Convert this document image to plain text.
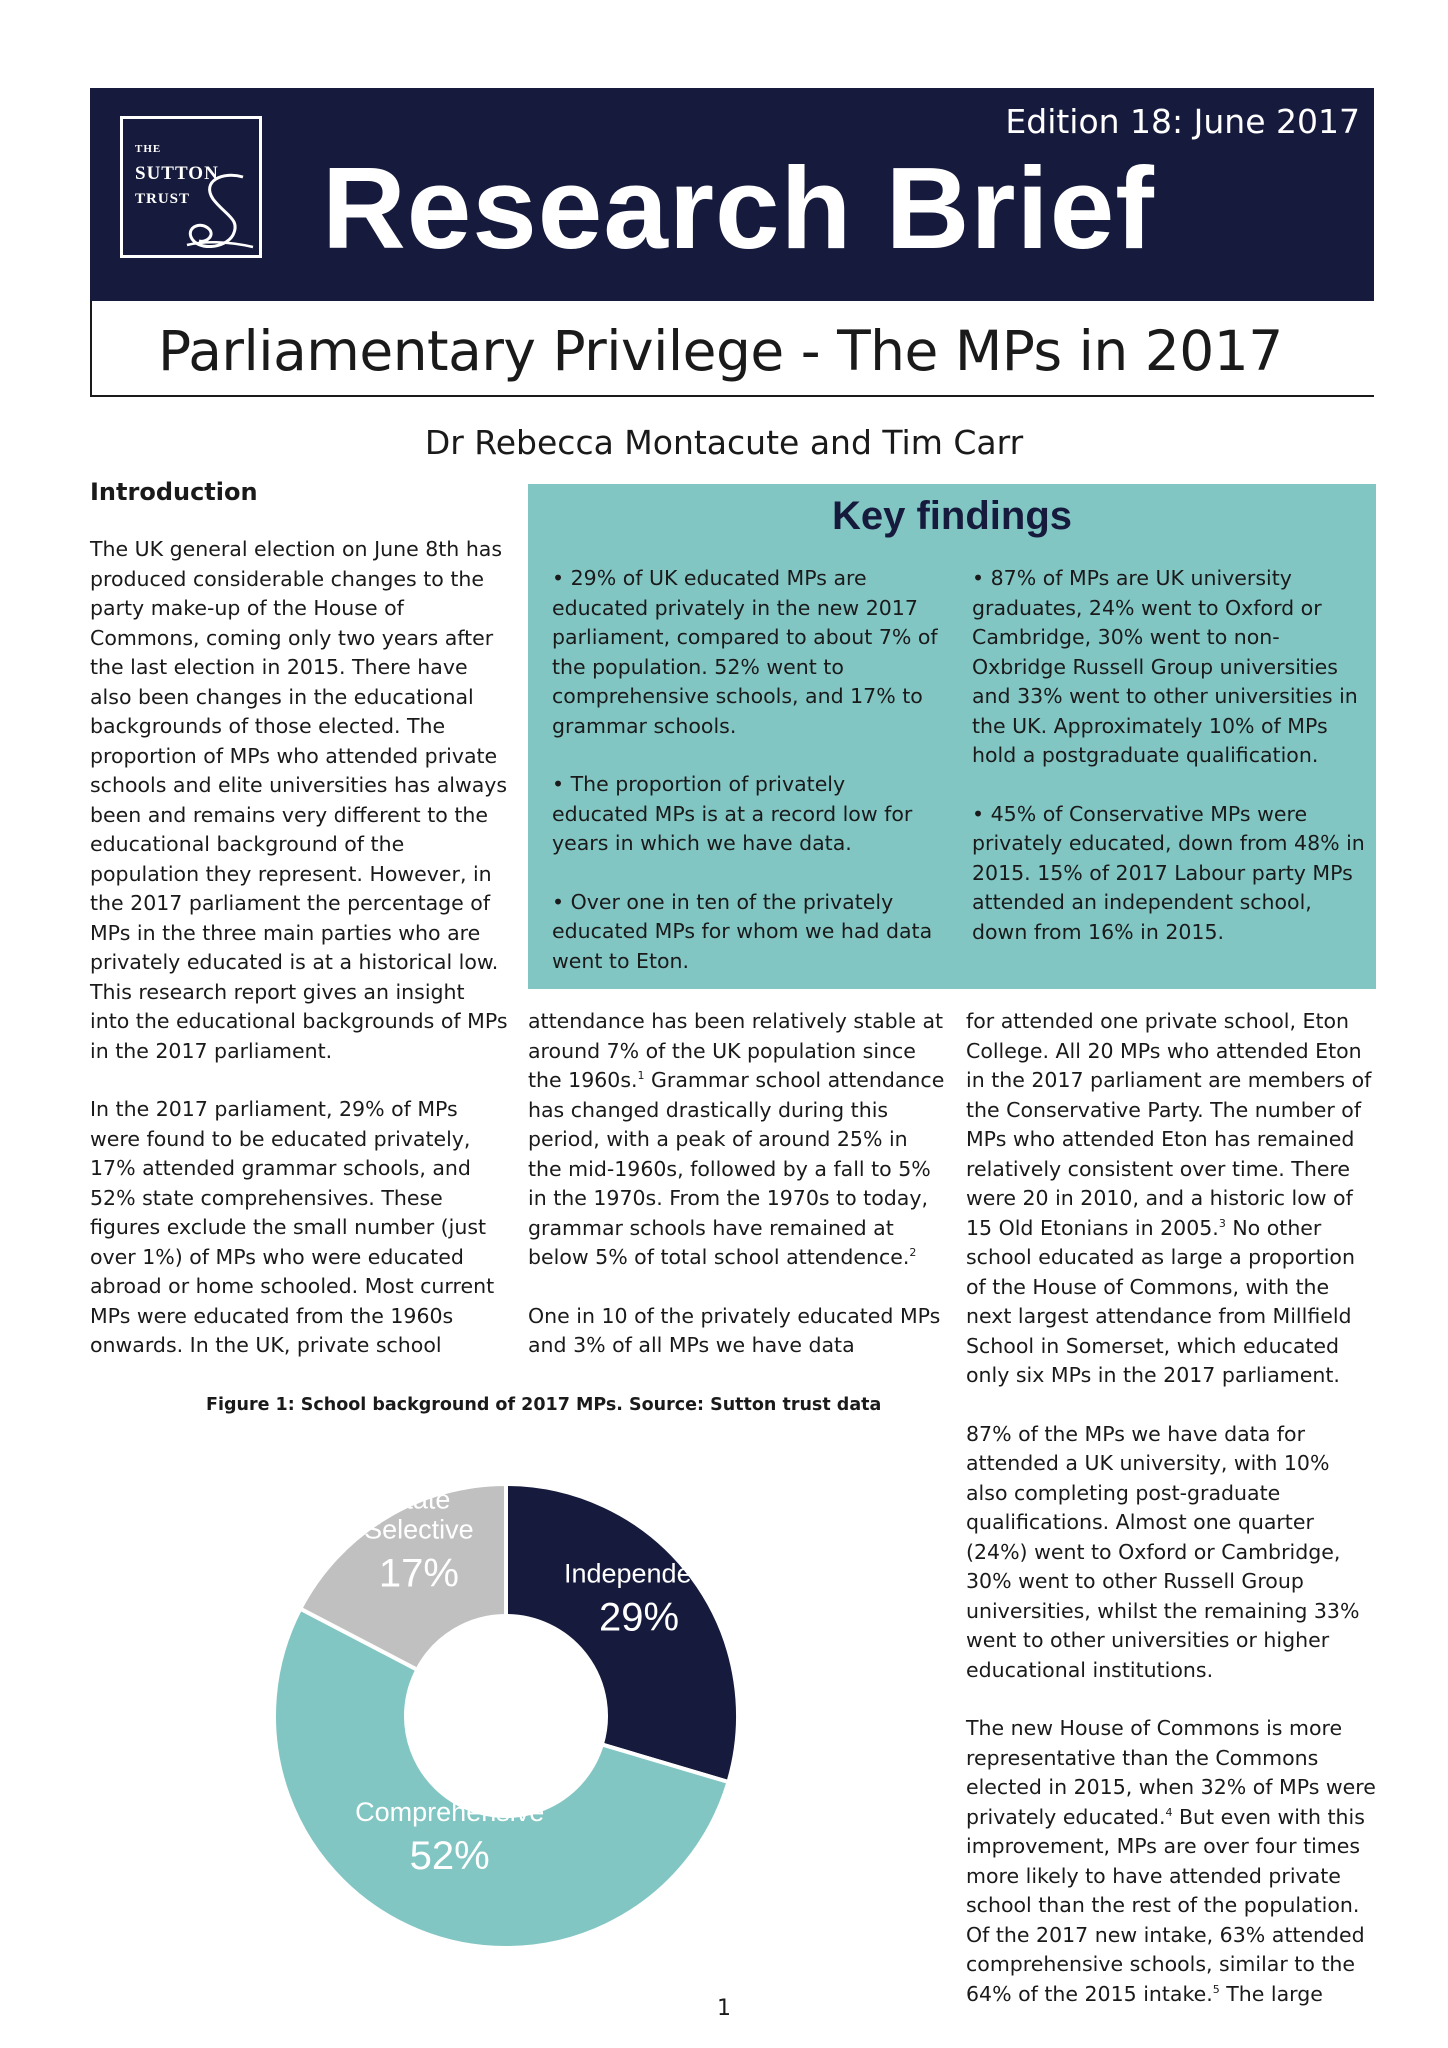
THE
SUTTON
TRUST
Edition 18: June 2017
Research Brief
Parliamentary Privilege - The MPs in 2017
Dr Rebecca Montacute and Tim Carr
Introduction

The UK general election on June 8th has produced considerable changes to the party make-up of the House of Commons, coming only two years after the last election in 2015. There have also been changes in the educational backgrounds of those elected. The proportion of MPs who attended private schools and elite universities has always been and remains very different to the educational background of the population they represent. However, in the 2017 parliament the percentage of MPs in the three main parties who are privately educated is at a historical low. This research report gives an insight into the educational backgrounds of MPs in the 2017 parliament.

In the 2017 parliament, 29% of MPs were found to be educated privately, 17% attended grammar schools, and 52% state comprehensives. These figures exclude the small number (just over 1%) of MPs who were educated abroad or home schooled. Most current MPs were educated from the 1960s onwards. In the UK, private school

Key findings

• 29% of UK educated MPs are educated privately in the new 2017 parliament, compared to about 7% of the population. 52% went to comprehensive schools, and 17% to grammar schools.

• The proportion of privately educated MPs is at a record low for years in which we have data.

• Over one in ten of the privately educated MPs for whom we had data went to Eton.

• 87% of MPs are UK university graduates, 24% went to Oxford or Cambridge, 30% went to non-Oxbridge Russell Group universities and 33% went to other universities in the UK. Approximately 10% of MPs hold a postgraduate qualification.

• 45% of Conservative MPs were privately educated, down from 48% in 2015. 15% of 2017 Labour party MPs attended an independent school, down from 16% in 2015.

attendance has been relatively stable at around 7% of the UK population since the 1960s.$^1$ Grammar school attendance has changed drastically during this period, with a peak of around 25% in the mid-1960s, followed by a fall to 5% in the 1970s. From the 1970s to today, grammar schools have remained at below 5% of total school attendence.$^2$

One in 10 of the privately educated MPs and 3% of all MPs we have data

for attended one private school, Eton College. All 20 MPs who attended Eton in the 2017 parliament are members of the Conservative Party. The number of MPs who attended Eton has remained relatively consistent over time. There were 20 in 2010, and a historic low of 15 Old Etonians in 2005.$^3$ No other school educated as large a proportion of the House of Commons, with the next largest attendance from Millfield School in Somerset, which educated only six MPs in the 2017 parliament.

87% of the MPs we have data for attended a UK university, with 10% also completing post-graduate qualifications. Almost one quarter (24%) went to Oxford or Cambridge, 30% went to other Russell Group universities, whilst the remaining 33% went to other universities or higher educational institutions.

The new House of Commons is more representative than the Commons elected in 2015, when 32% of MPs were privately educated.$^4$ But even with this improvement, MPs are over four times more likely to have attended private school than the rest of the population. Of the 2017 new intake, 63% attended comprehensive schools, similar to the 64% of the 2015 intake.$^5$ The large

Figure 1: School background of 2017 MPs. Source: Sutton trust data
Independent
29%
Comprehensive
52%
State
Selective
17%
1
